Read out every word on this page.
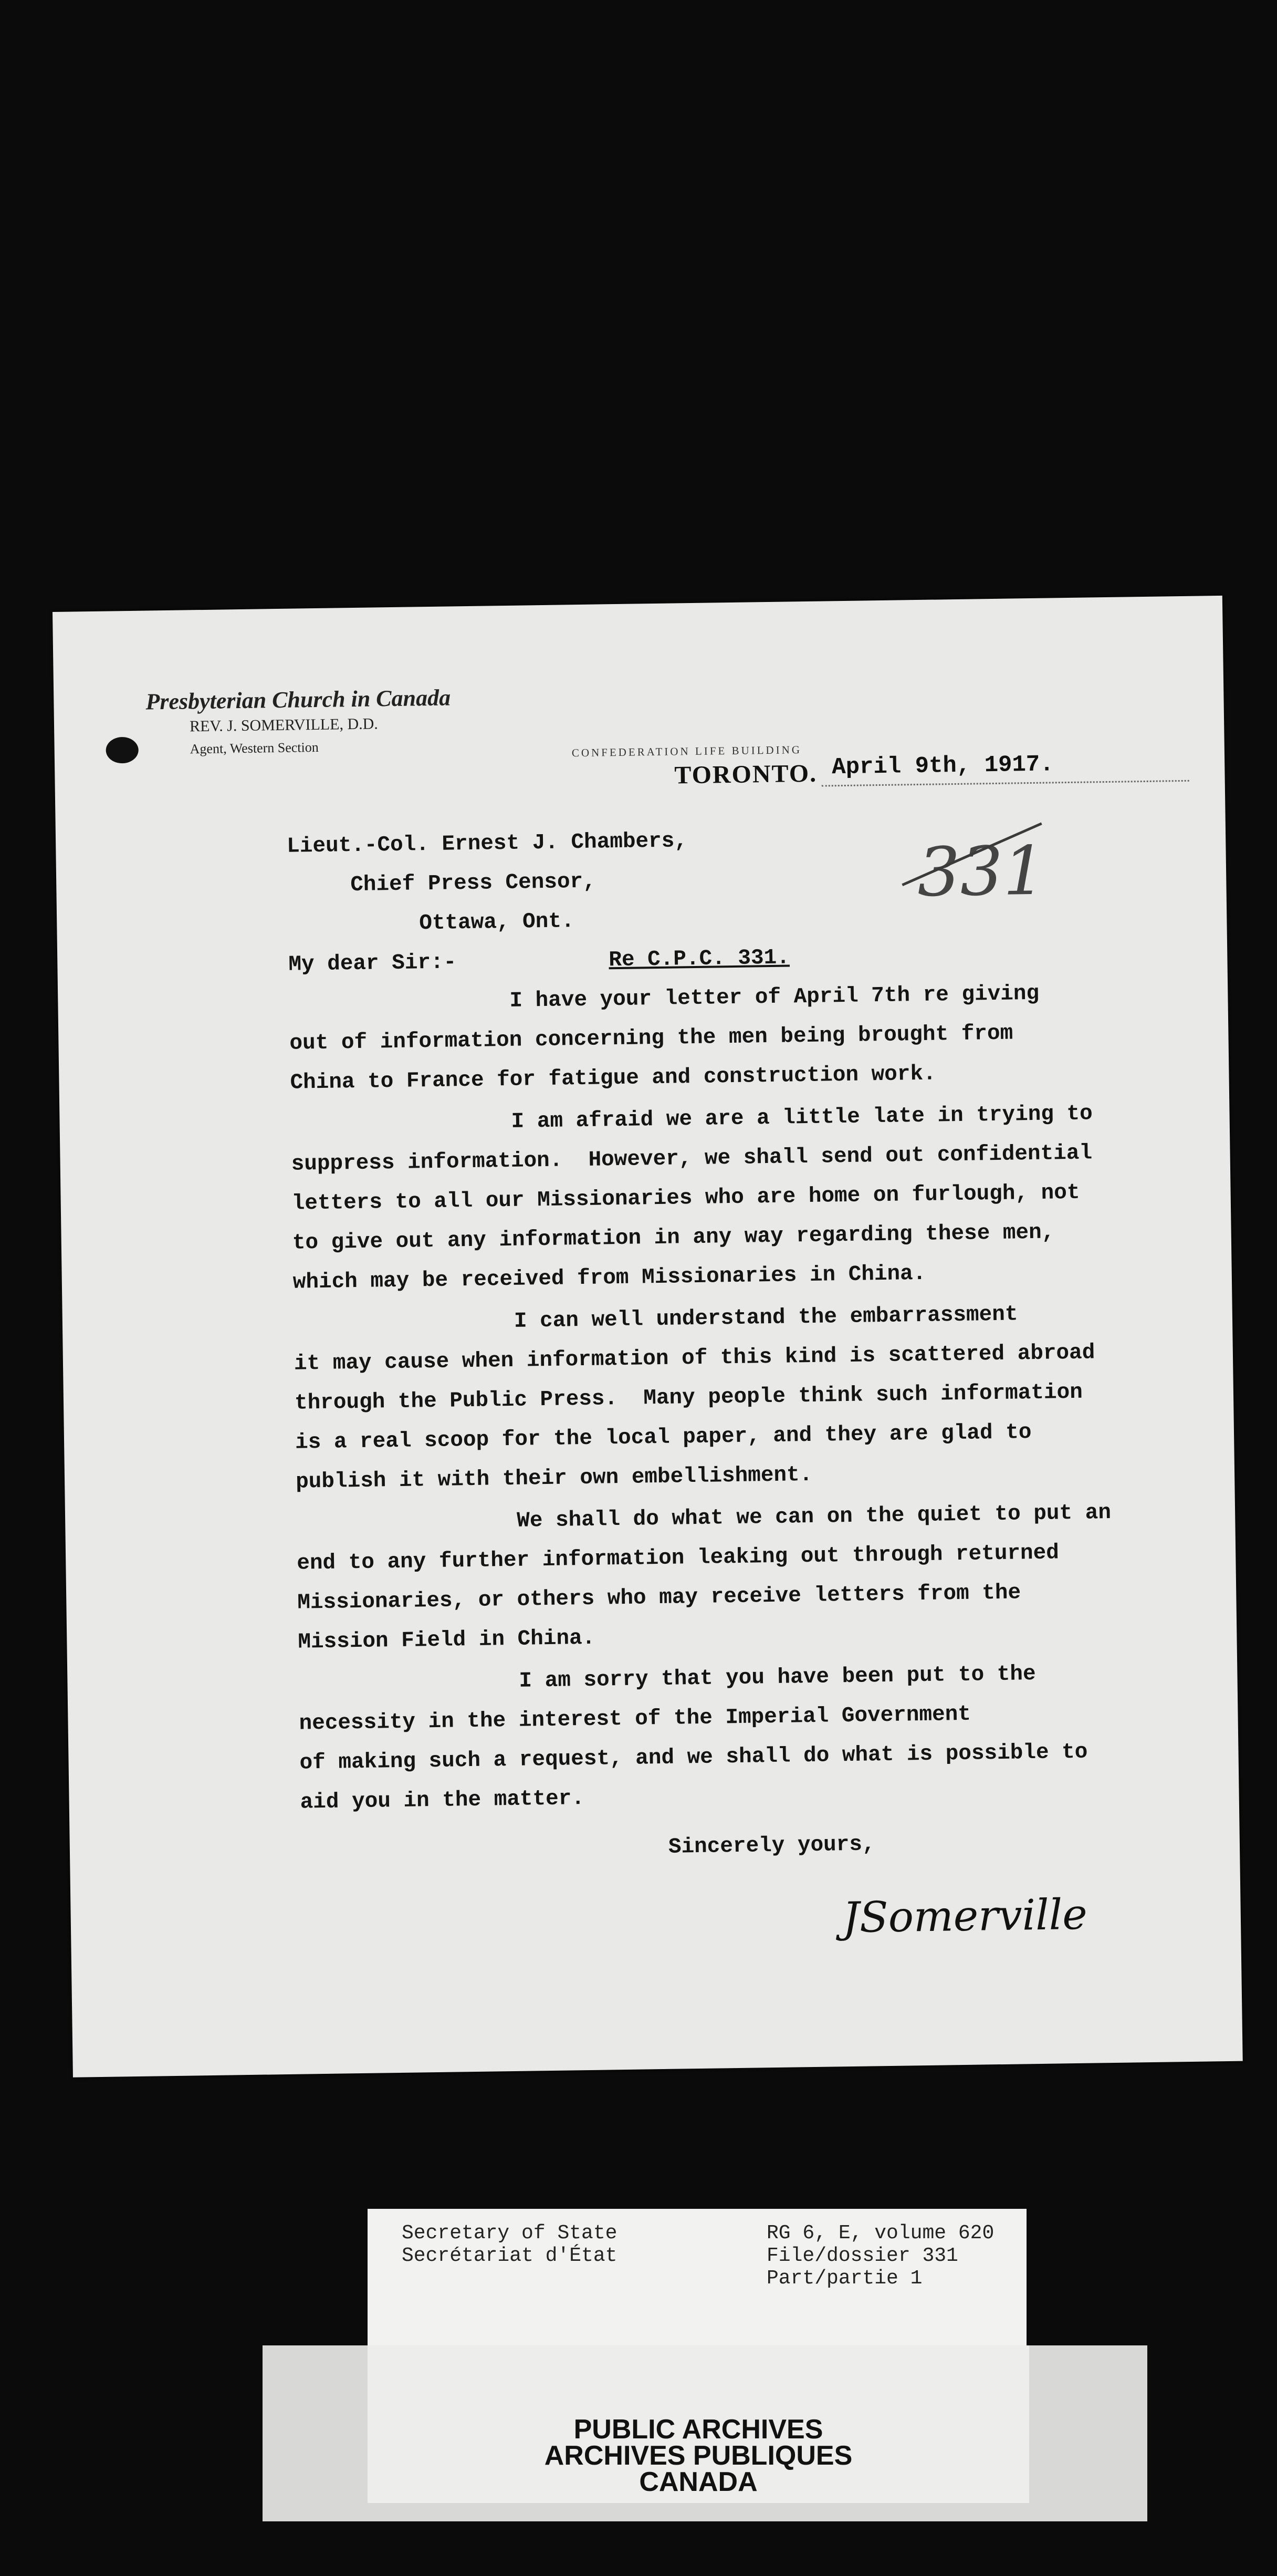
Presbyterian Church in Canada
REV. J. SOMERVILLE, D.D.
Agent, Western Section	CONFEDERATION LIFE BUILDING
TORONTO. April 9th, 1917.
Lieut.-Col. Ernest J. Chambers,
Chief Press Censor,
Ottawa, Ont.
331
My dear Sir:-	Re C.P.C. 331.
I have your letter of April 7th re giving
out of information concerning the men being brought from
China to France for fatigue and construction work.
I am afraid we are a little late in trying to
suppress information.  However, we shall send out confidential
letters to all our Missionaries who are home on furlough, not
to give out any information in any way regarding these men,
which may be received from Missionaries in China.
I can well understand the embarrassment
it may cause when information of this kind is scattered abroad
through the Public Press.  Many people think such information
is a real scoop for the local paper, and they are glad to
publish it with their own embellishment.
We shall do what we can on the quiet to put an
end to any further information leaking out through returned
Missionaries, or others who may receive letters from the
Mission Field in China.
I am sorry that you have been put to the
necessity in the interest of the Imperial Government
of making such a request, and we shall do what is possible to
aid you in the matter.
Sincerely yours,
JSomerville
Secretary of State
Secrétariat d'État
RG 6, E, volume 620
File/dossier 331
Part/partie 1
PUBLIC ARCHIVES
ARCHIVES PUBLIQUES
CANADA
